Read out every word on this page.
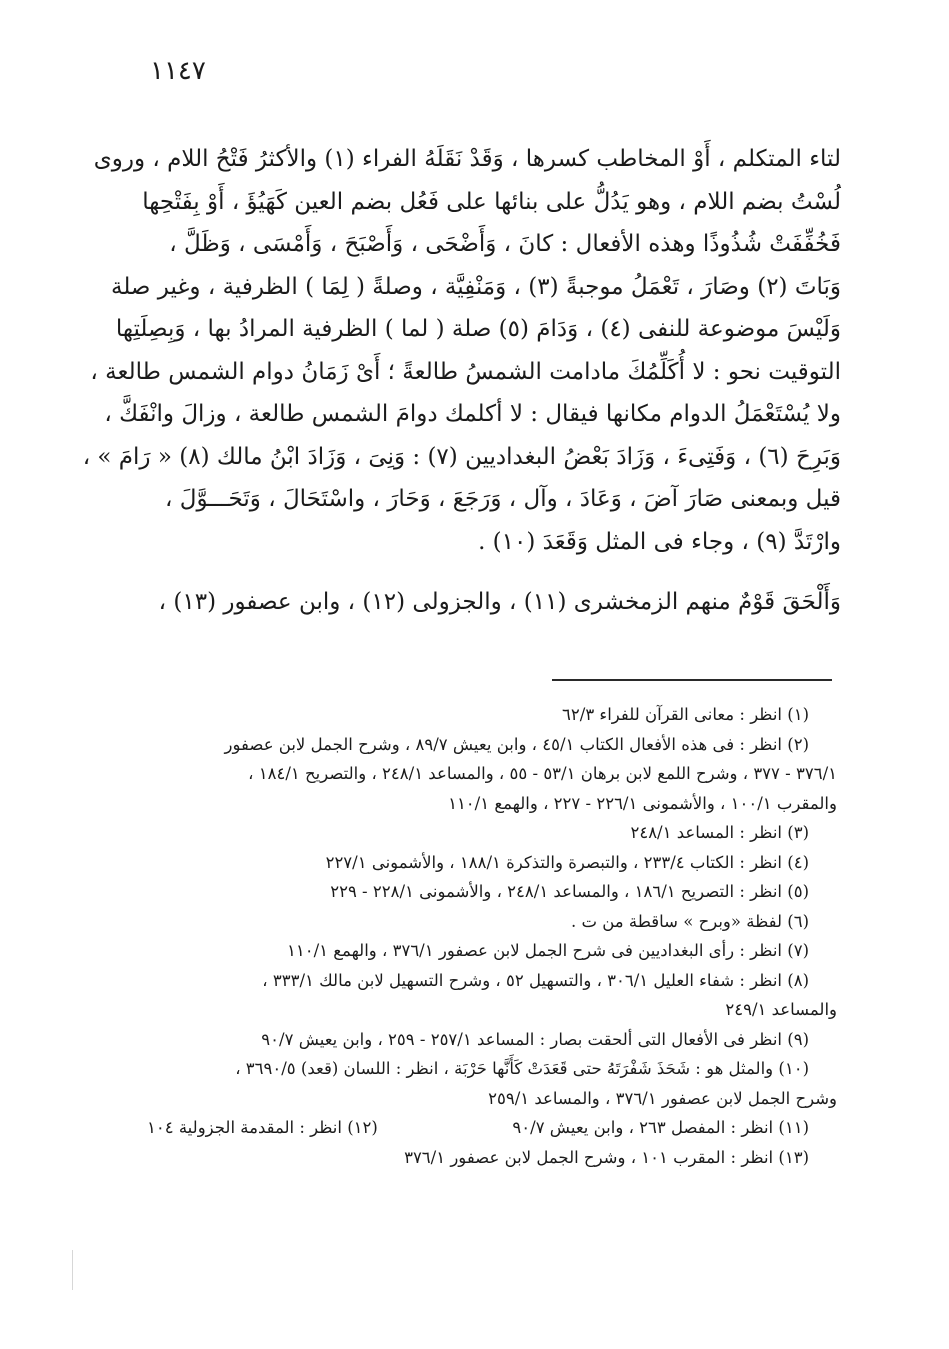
١١٤٧
لتاء المتكلم ، أَوْ المخاطب كسرها ، وَقَدْ نَقَلَهُ الفراء (١) والأكثرُ فَتْحُ اللام ، وروى
لُسْتُ بضم اللام ، وهو يَدُلُّ على بنائها على فَعُل بضم العين كَهَيُؤَ ، أَوْ بِفَتْحِها
فَخُفِّفَتْ شُذُوذًا وهذه الأفعال : كانَ ، وَأَضْحَى ، وَأَصْبَحَ ، وَأَمْسَى ، وَظَلَّ ،
وَبَاتَ (٢) وصَارَ ، تَعْمَلُ موجبةً (٣) ، وَمَنْفِيَّة ، وصلةً ( لِمَا ) الظرفية ، وغير صلة
وَلَيْسَ موضوعة للنفى (٤) ، وَدَامَ (٥) صلة ( لما ) الظرفية المرادُ بها ، وَبِصِلَتِها
التوقيت نحو : لا أُكَلِّمُكَ مادامت الشمسُ طالعةً ؛ أَىْ زَمَانُ دوام الشمس طالعة ،
ولا يُسْتَعْمَلُ الدوام مكانها فيقال : لا أكلمك دوامَ الشمس طالعة ، وزالَ وانْفَكَّ ،
وَبَرِحَ (٦) ، وَفَتِىءَ ، وَزَادَ بَعْضُ البغداديين (٧) : وَنِىَ ، وَزَادَ ابْنُ مالك (٨) « رَامَ » ،
قيل وبمعنى صَارَ آضَ ، وَعَادَ ، وآل ، وَرَجَعَ ، وَحَارَ ، واسْتَحَالَ ، وَتَحَـــوَّلَ ،
وارْتَدَّ (٩) ، وجاء فى المثل وَقَعَدَ (١٠) .
وَأَلْحَقَ قَوْمٌ منهم الزمخشرى (١١) ، والجزولى (١٢) ، وابن عصفور (١٣) ،
(١) انظر : معانى القرآن للفراء ٦٢/٣
(٢) انظر : فى هذه الأفعال الكتاب ٤٥/١ ، وابن يعيش ٨٩/٧ ، وشرح الجمل لابن عصفور
٣٧٦/١ - ٣٧٧ ، وشرح اللمع لابن برهان ٥٣/١ - ٥٥ ، والمساعد ٢٤٨/١ ، والتصريح ١٨٤/١ ،
والمقرب ١٠٠/١ ، والأشمونى ٢٢٦/١ - ٢٢٧ ، والهمع ١١٠/١
(٣) انظر : المساعد ٢٤٨/١
(٤) انظر : الكتاب ٢٣٣/٤ ، والتبصرة والتذكرة ١٨٨/١ ، والأشمونى ٢٢٧/١
(٥) انظر : التصريح ١٨٦/١ ، والمساعد ٢٤٨/١ ، والأشمونى ٢٢٨/١ - ٢٢٩
(٦) لفظة «وبرح » ساقطة من ت .
(٧) انظر : رأى البغداديين فى شرح الجمل لابن عصفور ٣٧٦/١ ، والهمع ١١٠/١
(٨) انظر : شفاء العليل ٣٠٦/١ ، والتسهيل ٥٢ ، وشرح التسهيل لابن مالك ٣٣٣/١ ،
والمساعد ٢٤٩/١
(٩) انظر فى الأفعال التى ألحقت بصار : المساعد ٢٥٧/١ - ٢٥٩ ، وابن يعيش ٩٠/٧
(١٠) والمثل هو : شَحَذَ شَفْرَتَهُ حتى قَعَدَتْ كَأَنَّها حَرْبَة ، انظر : اللسان (قعد) ٣٦٩٠/٥ ،
وشرح الجمل لابن عصفور ٣٧٦/١ ، والمساعد ٢٥٩/١
(١١) انظر : المفصل ٢٦٣ ، وابن يعيش ٩٠/٧
(١٢) انظر : المقدمة الجزولية ١٠٤
(١٣) انظر : المقرب ١٠١ ، وشرح الجمل لابن عصفور ٣٧٦/١
